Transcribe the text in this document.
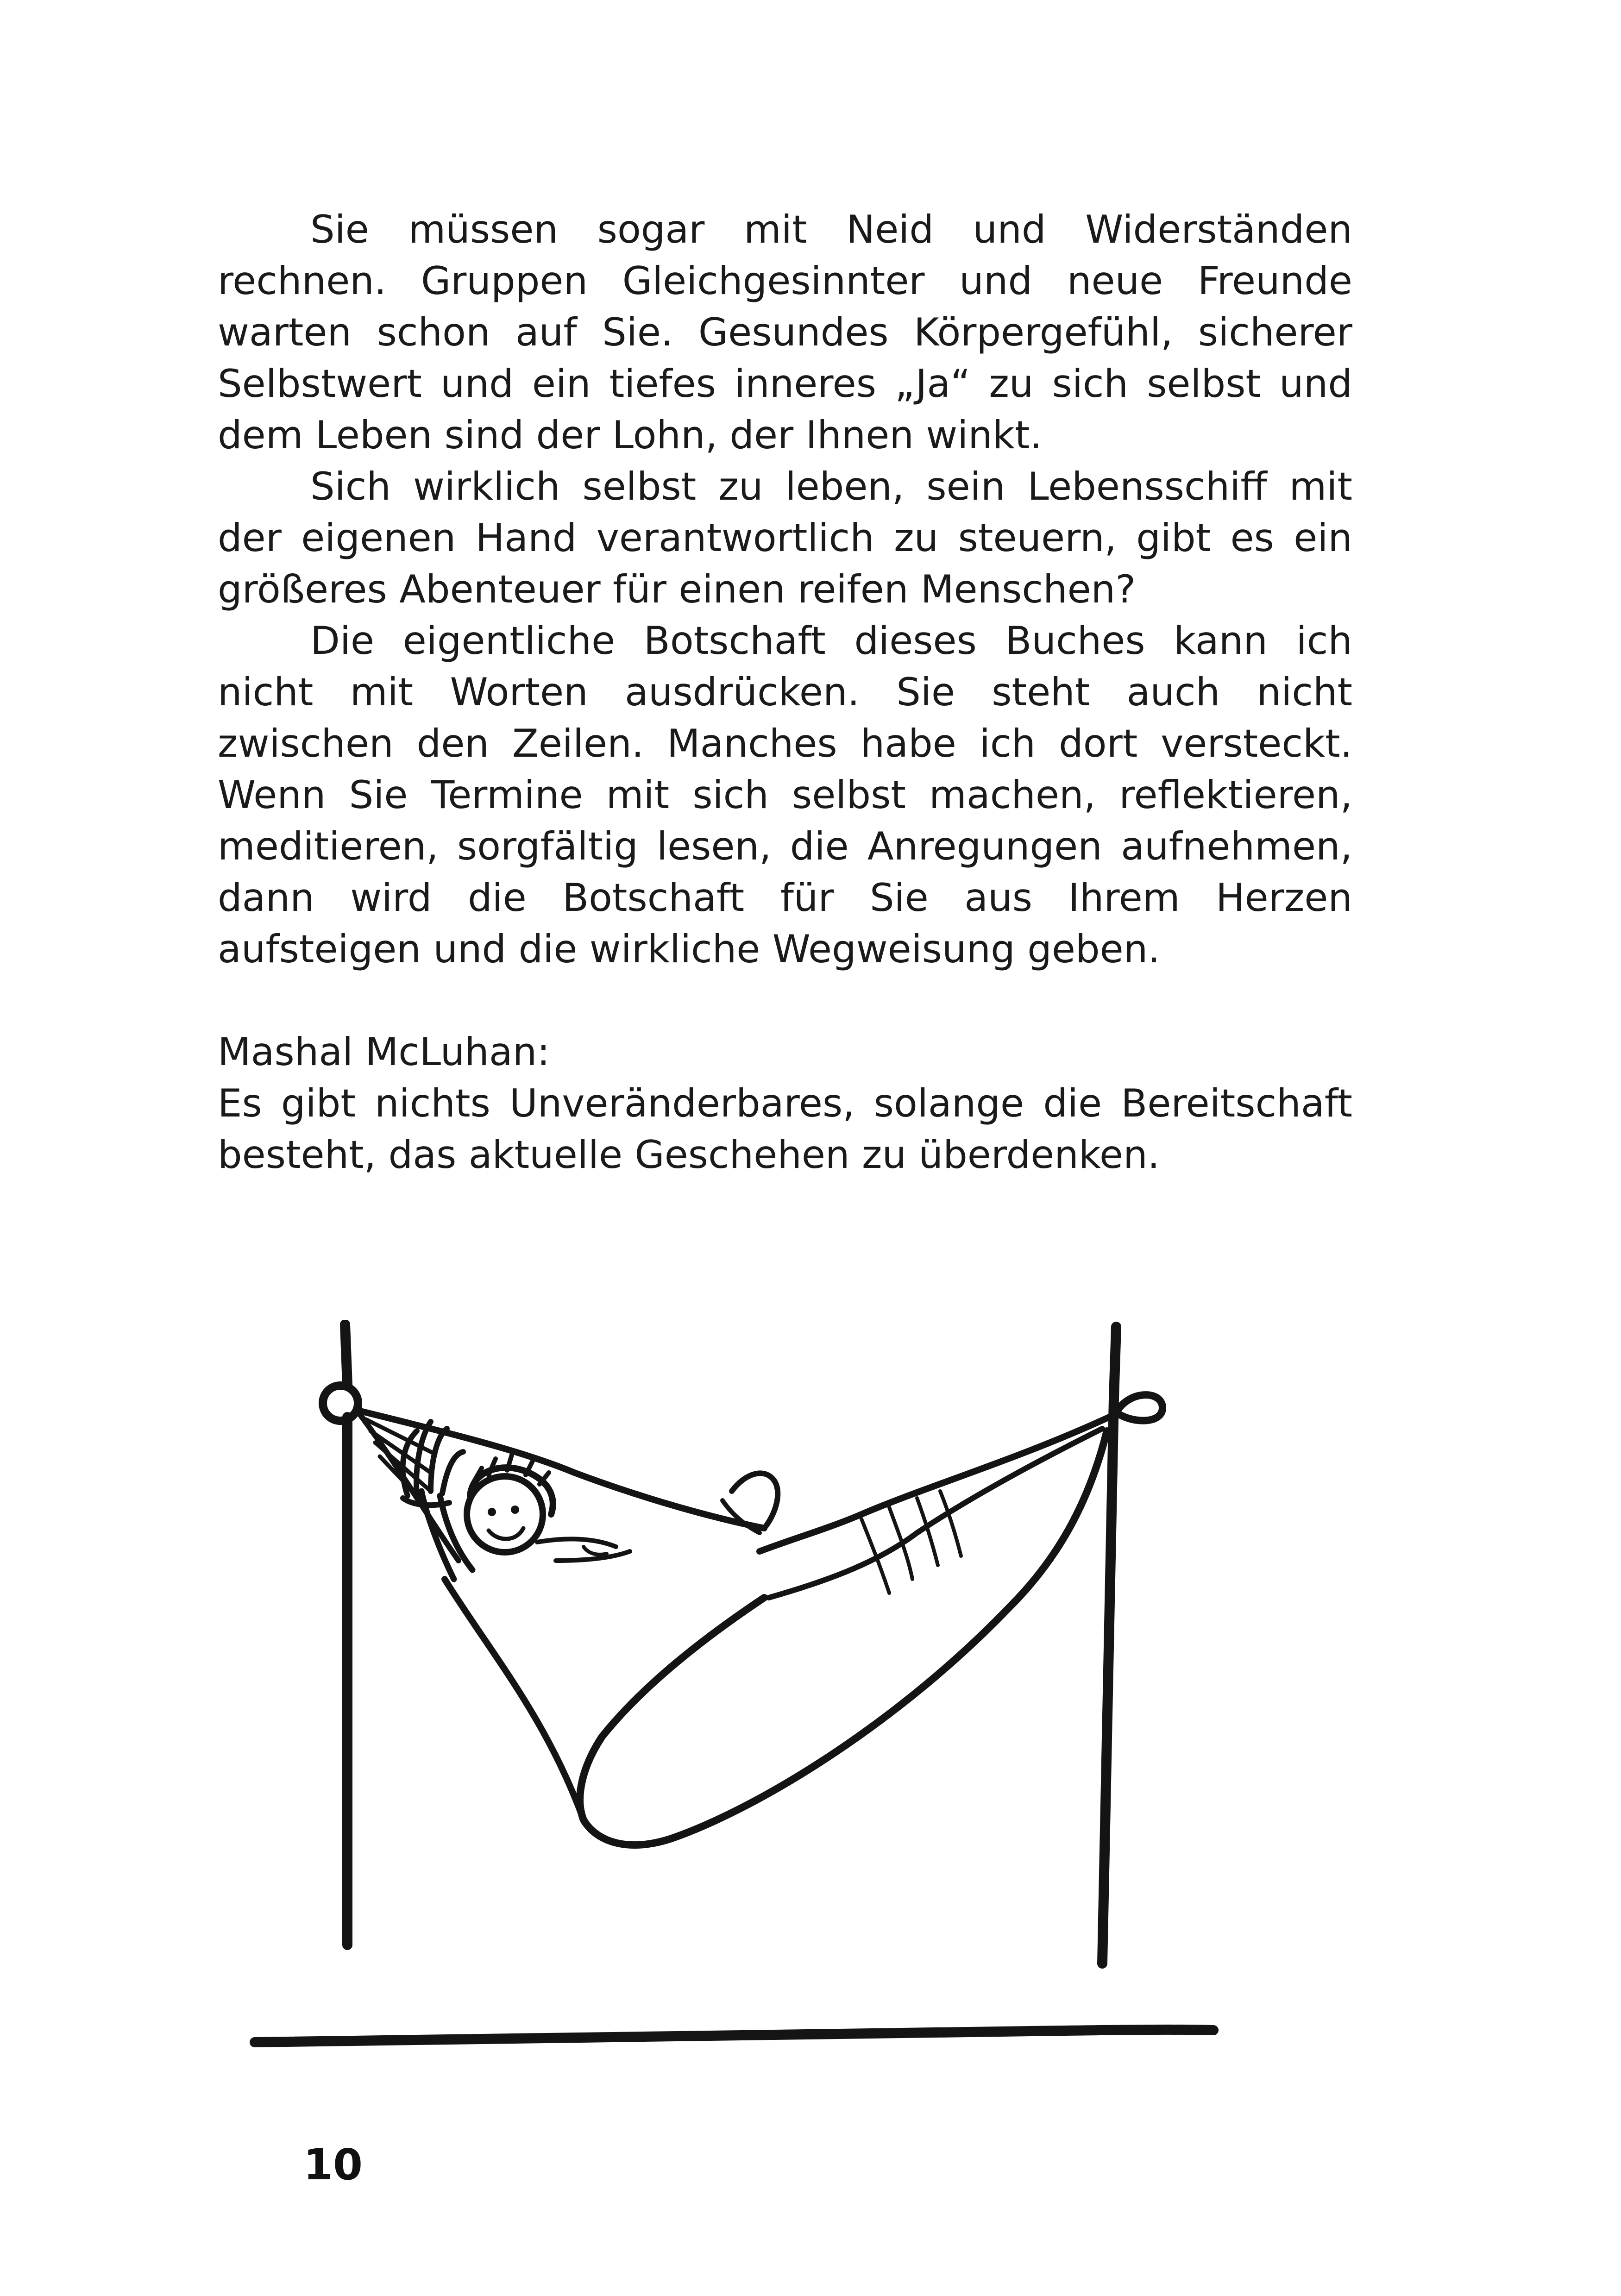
Sie müssen sogar mit Neid und Widerständen rechnen. Gruppen Gleichgesinnter und neue Freunde warten schon auf Sie. Gesundes Körpergefühl, sicherer Selbstwert und ein tiefes inneres „Ja“ zu sich selbst und dem Leben sind der Lohn, der Ihnen winkt.

Sich wirklich selbst zu leben, sein Lebensschiff mit der eigenen Hand verantwortlich zu steuern, gibt es ein größeres Abenteuer für einen reifen Menschen?

Die eigentliche Botschaft dieses Buches kann ich nicht mit Worten ausdrücken. Sie steht auch nicht zwischen den Zeilen. Manches habe ich dort versteckt. Wenn Sie Termine mit sich selbst machen, reflektieren, meditieren, sorgfältig lesen, die Anregungen aufnehmen, dann wird die Botschaft für Sie aus Ihrem Herzen aufsteigen und die wirkliche Wegweisung geben.

Mashal McLuhan:

Es gibt nichts Unveränderbares, solange die Bereitschaft besteht, das aktuelle Geschehen zu überdenken.

10
